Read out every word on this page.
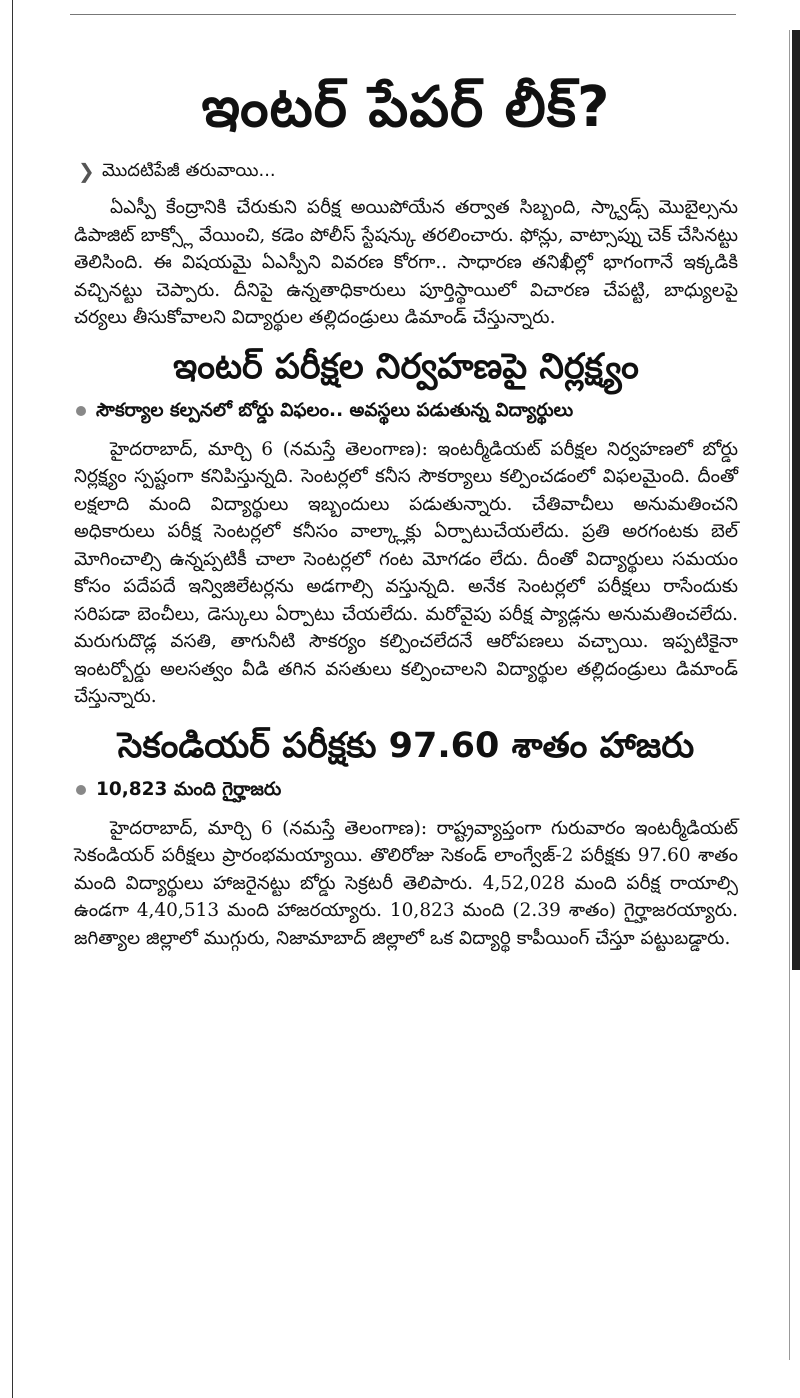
ఇంటర్ పేపర్ లీక్?
❯ మొదటిపేజీ తరువాయి...

ఏఎస్పీ కేంద్రానికి చేరుకుని పరీక్ష అయిపోయేన తర్వాత సిబ్బంది, స్క్వాడ్స్ మొబైల్సను డిపాజిట్ బాక్స్లో వేయించి, కడెం పోలీస్ స్టేషన్కు తరలించారు. ఫోన్లు, వాట్సాప్ను చెక్ చేసినట్టు తెలిసింది. ఈ విషయమై ఏఎస్పీని వివరణ కోరగా.. సాధారణ తనిఖీల్లో భాగంగానే ఇక్కడికి వచ్చినట్టు చెప్పారు. దీనిపై ఉన్నతాధికారులు పూర్తిస్థాయిలో విచారణ చేపట్టి, బాధ్యులపై చర్యలు తీసుకోవాలని విద్యార్థుల తల్లిదండ్రులు డిమాండ్ చేస్తున్నారు.

ఇంటర్ పరీక్షల నిర్వహణపై నిర్లక్ష్యం
సౌకర్యాల కల్పనలో బోర్డు విఫలం.. అవస్థలు పడుతున్న విద్యార్థులు

హైదరాబాద్, మార్చి 6 (నమస్తే తెలంగాణ): ఇంటర్మీడియట్ పరీక్షల నిర్వహణలో బోర్డు నిర్లక్ష్యం స్పష్టంగా కనిపిస్తున్నది. సెంటర్లలో కనీస సౌకర్యాలు కల్పించడంలో విఫలమైంది. దీంతో లక్షలాది మంది విద్యార్థులు ఇబ్బందులు పడుతున్నారు. చేతివాచీలు అనుమతించని అధికారులు పరీక్ష సెంటర్లలో కనీసం వాల్క్లాక్లు ఏర్పాటుచేయలేదు. ప్రతి అరగంటకు బెల్ మోగించాల్సి ఉన్నప్పటికీ చాలా సెంటర్లలో గంట మోగడం లేదు. దీంతో విద్యార్థులు సమయం కోసం పదేపదే ఇన్విజిలేటర్లను అడగాల్సి వస్తున్నది. అనేక సెంటర్లలో పరీక్షలు రాసేందుకు సరిపడా బెంచీలు, డెస్కులు ఏర్పాటు చేయలేదు. మరోవైపు పరీక్ష ప్యాడ్లను అనుమతించలేదు. మరుగుదొడ్ల వసతి, తాగునీటి సౌకర్యం కల్పించలేదనే ఆరోపణలు వచ్చాయి. ఇప్పటికైనా ఇంటర్బోర్డు అలసత్వం వీడి తగిన వసతులు కల్పించాలని విద్యార్థుల తల్లిదండ్రులు డిమాండ్ చేస్తున్నారు.

సెకండియర్ పరీక్షకు 97.60 శాతం హాజరు
10,823 మంది గైర్హాజరు

హైదరాబాద్, మార్చి 6 (నమస్తే తెలంగాణ): రాష్ట్రవ్యాప్తంగా గురువారం ఇంటర్మీడియట్ సెకండియర్ పరీక్షలు ప్రారంభమయ్యాయి. తొలిరోజు సెకండ్ లాంగ్వేజ్-2 పరీక్షకు 97.60 శాతం మంది విద్యార్థులు హాజరైనట్టు బోర్డు సెక్రటరీ తెలిపారు. 4,52,028 మంది పరీక్ష రాయాల్సి ఉండగా 4,40,513 మంది హాజరయ్యారు. 10,823 మంది (2.39 శాతం) గైర్హాజరయ్యారు. జగిత్యాల జిల్లాలో ముగ్గురు, నిజామాబాద్ జిల్లాలో ఒక విద్యార్థి కాపీయింగ్ చేస్తూ పట్టుబడ్డారు.
